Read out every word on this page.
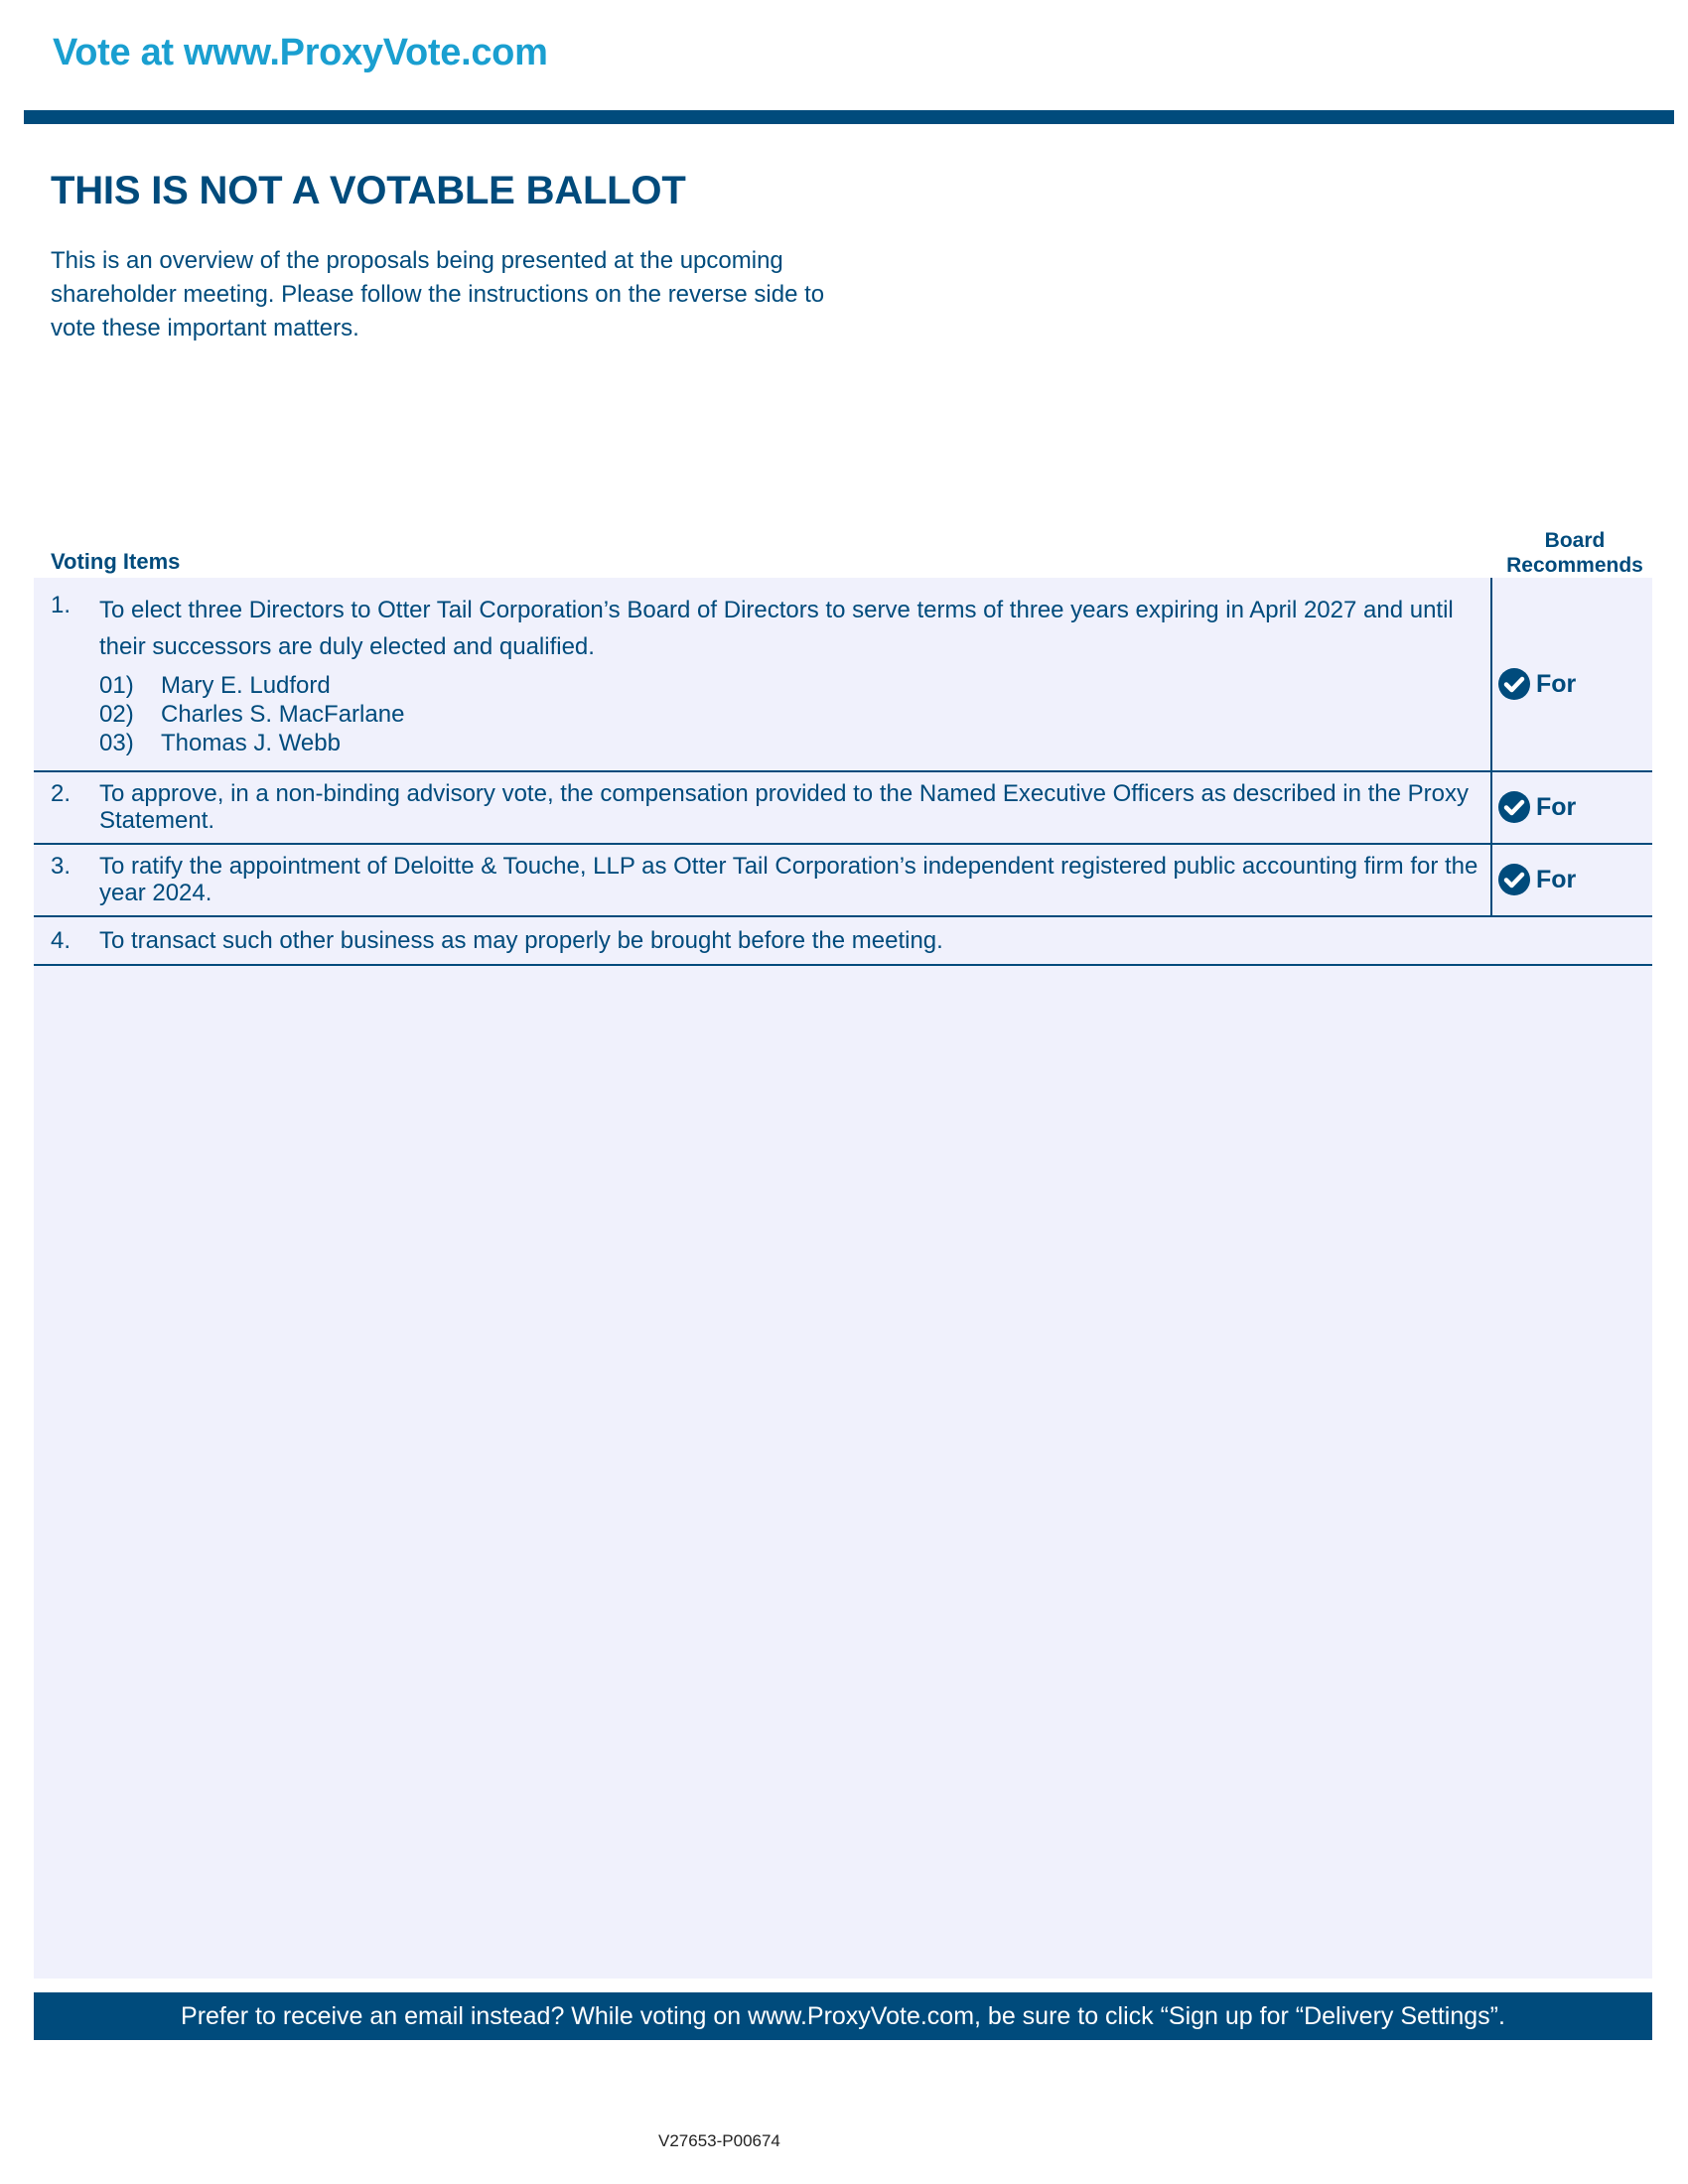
Vote at www.ProxyVote.com
THIS IS NOT A VOTABLE BALLOT
This is an overview of the proposals being presented at the upcoming shareholder meeting. Please follow the instructions on the reverse side to vote these important matters.
Voting Items
Board
Recommends
1. To elect three Directors to Otter Tail Corporation’s Board of Directors to serve terms of three years expiring in April 2027 and until their successors are duly elected and qualified.
01) Mary E. Ludford
02) Charles S. MacFarlane
03) Thomas J. Webb
For
2. To approve, in a non-binding advisory vote, the compensation provided to the Named Executive Officers as described in the Proxy Statement.	For
3. To ratify the appointment of Deloitte & Touche, LLP as Otter Tail Corporation’s independent registered public accounting firm for the year 2024.	For
4. To transact such other business as may properly be brought before the meeting.
Prefer to receive an email instead? While voting on www.ProxyVote.com, be sure to click “Sign up for “Delivery Settings”.
V27653-P00674
